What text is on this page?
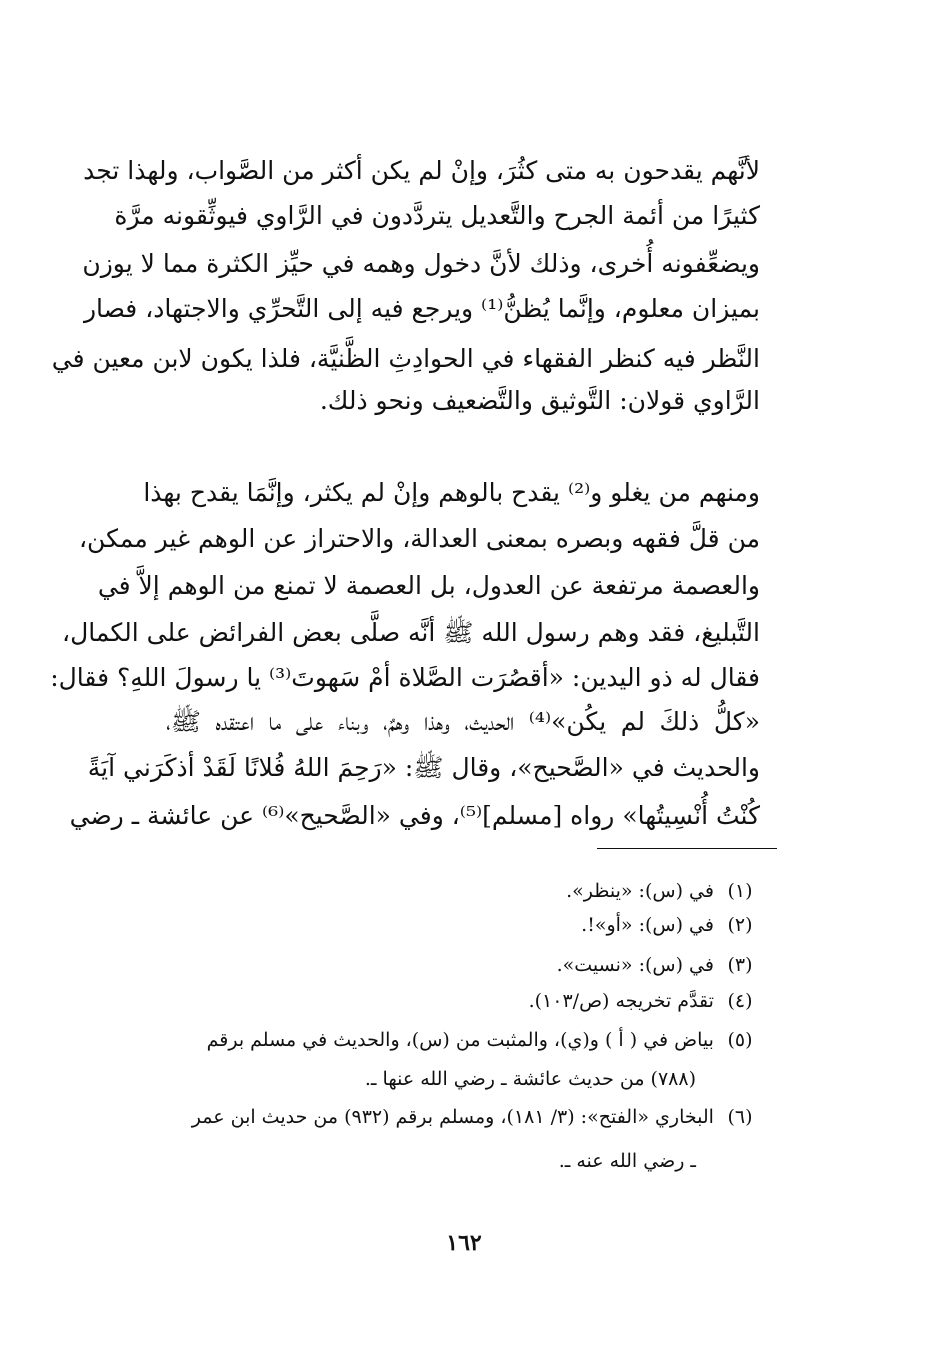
لأنَّهم يقدحون به متى كثُرَ، وإنْ لم يكن أكثر من الصَّواب، ولهذا تجد
كثيرًا من أئمة الجرح والتَّعديل يتردَّدون في الرَّاوي فيوثِّقونه مرَّة
ويضعِّفونه أُخرى، وذلك لأنَّ دخول وهمه في حيِّز الكثرة مما لا يوزن
بميزان معلوم، وإنَّما يُظنُّ⁽¹⁾ ويرجع فيه إلى التَّحرِّي والاجتهاد، فصار
النَّظر فيه كنظر الفقهاء في الحوادِثِ الظَّنيَّة، فلذا يكون لابن معين في
الرَّاوي قولان: التَّوثيق والتَّضعيف ونحو ذلك.
ومنهم من يغلو و⁽²⁾ يقدح بالوهم وإنْ لم يكثر، وإنَّمَا يقدح بهذا
من قلَّ فقهه وبصره بمعنى العدالة، والاحتراز عن الوهم غير ممكن،
والعصمة مرتفعة عن العدول، بل العصمة لا تمنع من الوهم إلاَّ في
التَّبليغ، فقد وهم رسول الله ﷺ أنَّه صلَّى بعض الفرائض على الكمال،
فقال له ذو اليدين: «أقصُرَت الصَّلاة أمْ سَهوتَ⁽³⁾ يا رسولَ اللهِ؟ فقال:
«كلُّ ذلكَ لم يكُن»⁽⁴⁾ الحديث، وهذا وهمٌ، وبناء على ما اعتقده ﷺ،
والحديث في «الصَّحيح»، وقال ﷺ: «رَحِمَ اللهُ فُلانًا لَقَدْ أذكَرَني آيَةً
كُنْتُ أُنْسِيتُها» رواه [مسلم]⁽⁵⁾، وفي «الصَّحيح»⁽⁶⁾ عن عائشة ـ رضي
(١) في (س): «ينظر».
(٢) في (س): «أو»!.
(٣) في (س): «نسيت».
(٤) تقدَّم تخريجه (ص/١٠٣).
(٥) بياض في ( أ ) و(ي)، والمثبت من (س)، والحديث في مسلم برقم
(٧٨٨) من حديث عائشة ـ رضي الله عنها ـ.
(٦) البخاري «الفتح»: (٣/ ١٨١)، ومسلم برقم (٩٣٢) من حديث ابن عمر
ـ رضي الله عنه ـ.
١٦٢
